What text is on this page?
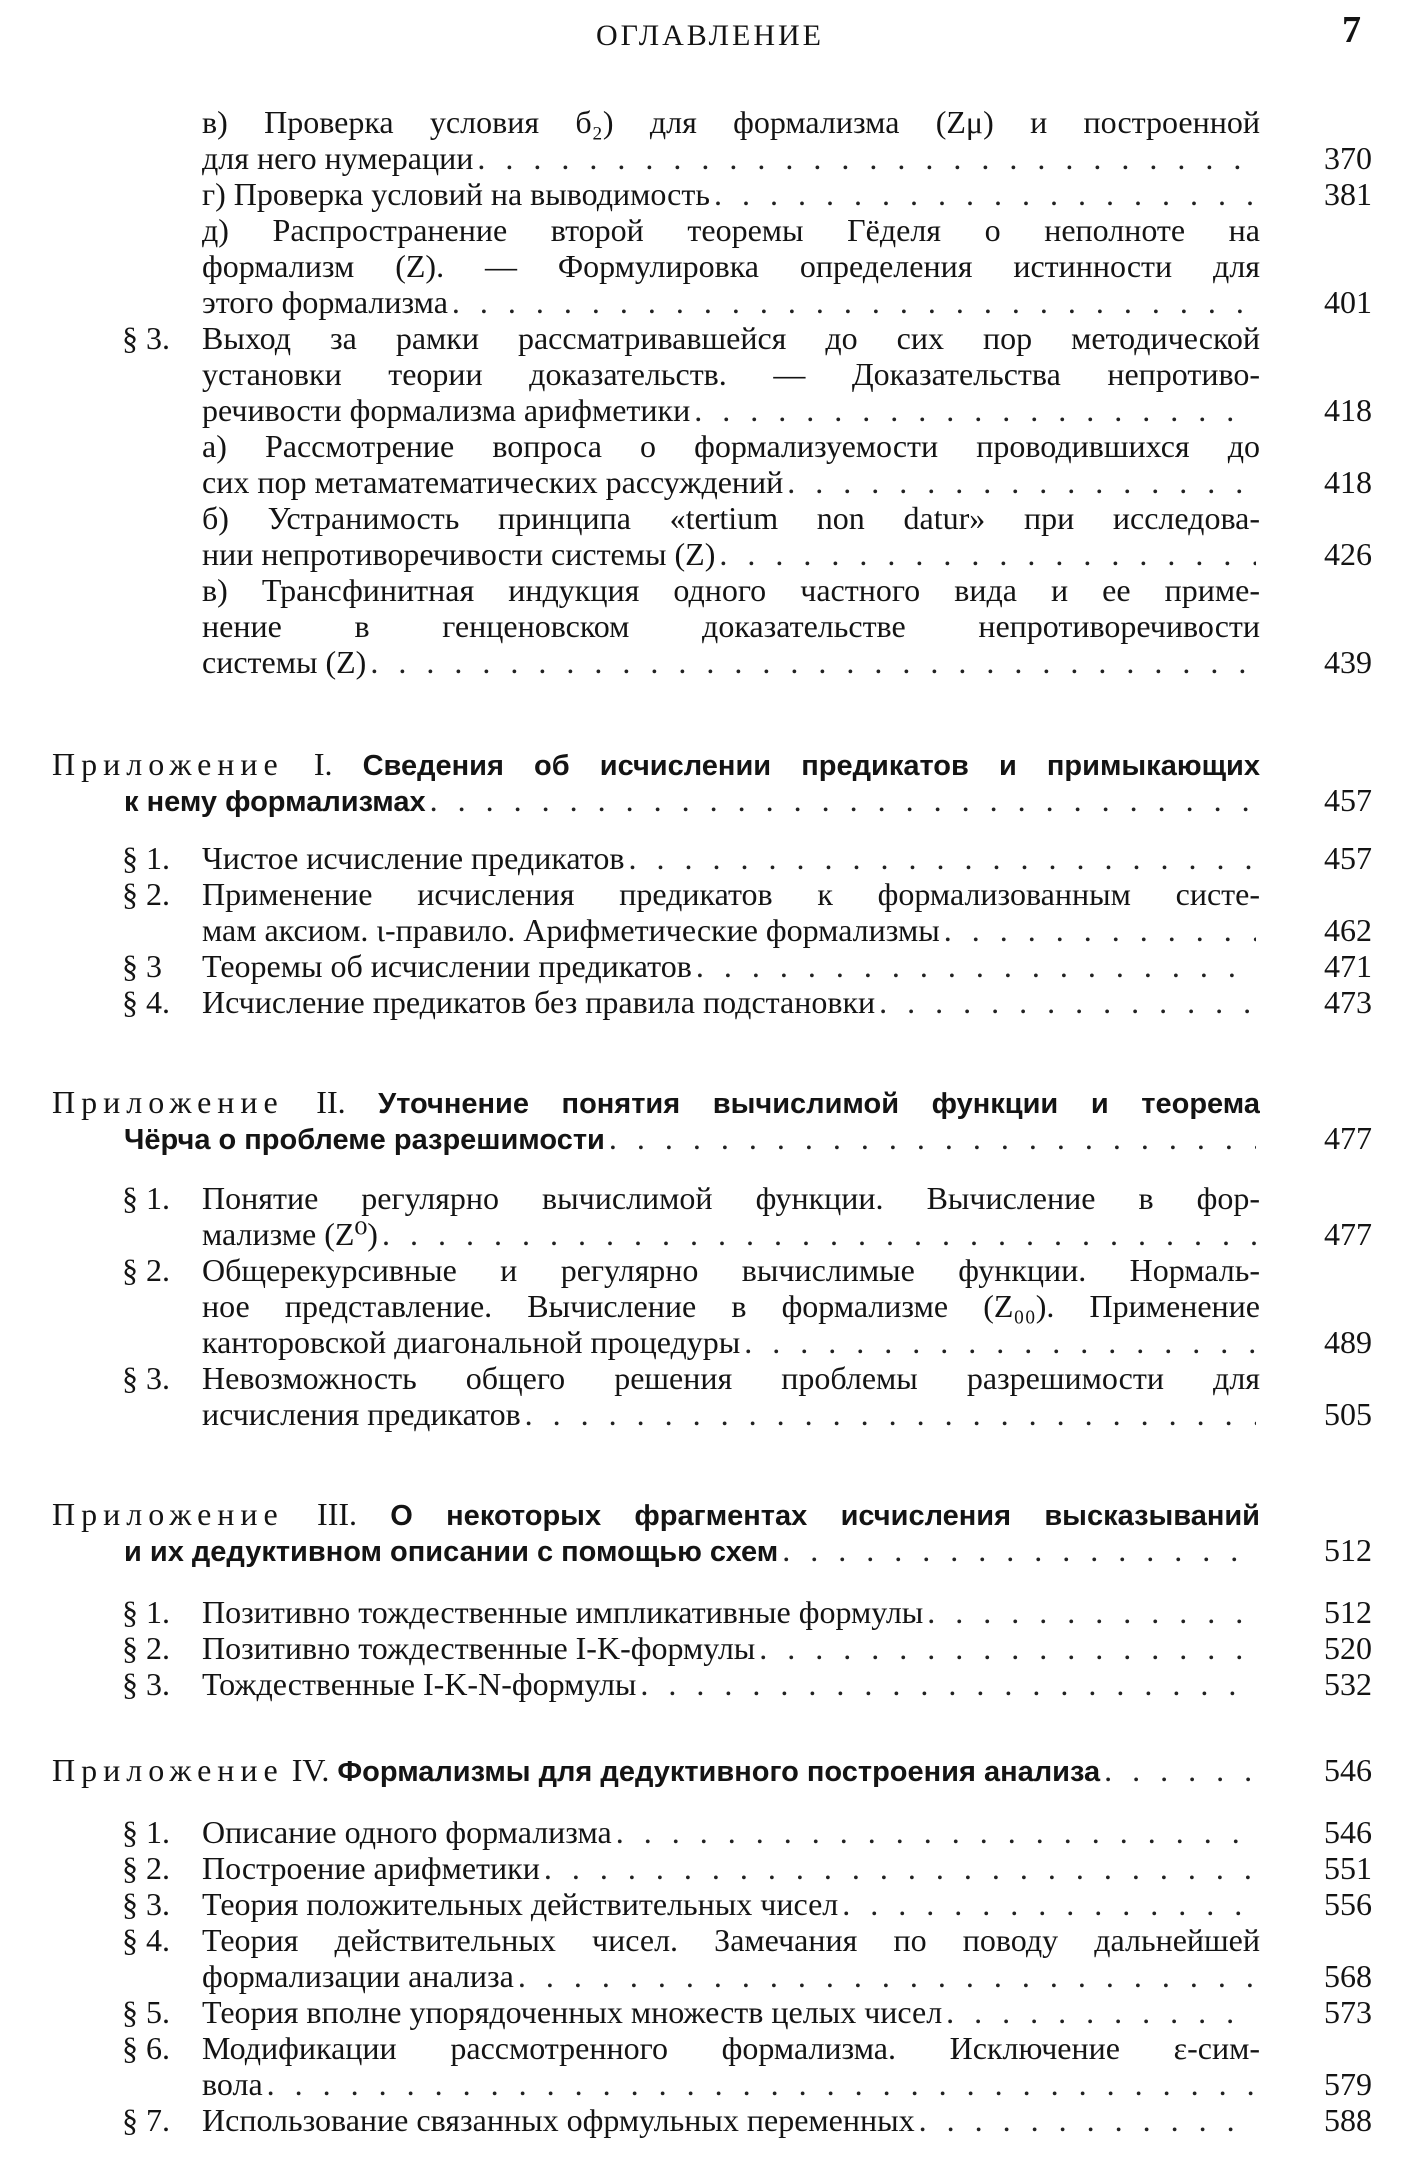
ОГЛАВЛЕНИЕ	7
в) Проверка условия б₂) для формализма (Zμ) и построенной
для него нумерации . . .	370
г) Проверка условий на выводимость . . .	381
д) Распространение второй теоремы Гёделя о неполноте на
формализм (Z). — Формулировка определения истинности для
этого формализма . . .	401
§ 3.	Выход за рамки рассматривавшейся до сих пор методической
установки теории доказательств. — Доказательства непротиво-
речивости формализма арифметики . . .	418
а) Рассмотрение вопроса о формализуемости проводившихся до
сих пор метаматематических рассуждений . . .	418
б) Устранимость принципа «tertium non datur» при исследова-
нии непротиворечивости системы (Z) . . .	426
в) Трансфинитная индукция одного частного вида и ее приме-
нение в генценовском доказательстве непротиворечивости
системы (Z) . . .	439
Приложение I. Сведения об исчислении предикатов и примыкающих
к нему формализмах . . .	457
§ 1.	Чистое исчисление предикатов . . .	457
§ 2.	Применение исчисления предикатов к формализованным систе-
мам аксиом. ι-правило. Арифметические формализмы . . .	462
§ 3	Теоремы об исчислении предикатов . . .	471
§ 4.	Исчисление предикатов без правила подстановки . . .	473
Приложение II. Уточнение понятия вычислимой функции и теорема
Чёрча о проблеме разрешимости . . .	477
§ 1.	Понятие регулярно вычислимой функции. Вычисление в фор-
мализме (Z⁰) . . .	477
§ 2.	Общерекурсивные и регулярно вычислимые функции. Нормаль-
ное представление. Вычисление в формализме (Z₀₀). Применение
канторовской диагональной процедуры . . .	489
§ 3.	Невозможность общего решения проблемы разрешимости для
исчисления предикатов . . .	505
Приложение III. О некоторых фрагментах исчисления высказываний
и их дедуктивном описании с помощью схем . . .	512
§ 1.	Позитивно тождественные импликативные формулы . . .	512
§ 2.	Позитивно тождественные I-K-формулы . . .	520
§ 3.	Тождественные I-K-N-формулы . . .	532
Приложение IV. Формализмы для дедуктивного построения анализа . . .	546
§ 1.	Описание одного формализма . . .	546
§ 2.	Построение арифметики . . .	551
§ 3.	Теория положительных действительных чисел . . .	556
§ 4.	Теория действительных чисел. Замечания по поводу дальнейшей
формализации анализа . . .	568
§ 5.	Теория вполне упорядоченных множеств целых чисел . . .	573
§ 6.	Модификации рассмотренного формализма. Исключение ε-сим-
вола . . .	579
§ 7.	Использование связанных офрмульных переменных . . .	588
